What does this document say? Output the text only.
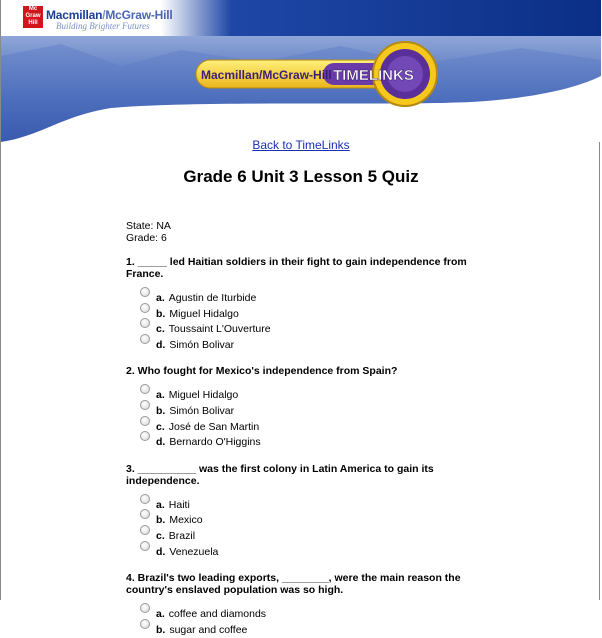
Mc
Graw
Hill
Macmillan/McGraw-Hill
Building Brighter Futures
Macmillan/McGraw-Hill TIMELINKS
Back to TimeLinks
Grade 6 Unit 3 Lesson 5 Quiz
State: NA
Grade: 6
1. _____ led Haitian soldiers in their fight to gain independence from France.
a. Agustin de Iturbide
b. Miguel Hidalgo
c. Toussaint L'Ouverture
d. Simón Bolivar
2. Who fought for Mexico's independence from Spain?
a. Miguel Hidalgo
b. Simón Bolivar
c. José de San Martin
d. Bernardo O'Higgins
3. __________ was the first colony in Latin America to gain its independence.
a. Haiti
b. Mexico
c. Brazil
d. Venezuela
4. Brazil's two leading exports, ________, were the main reason the country's enslaved population was so high.
a. coffee and diamonds
b. sugar and coffee
